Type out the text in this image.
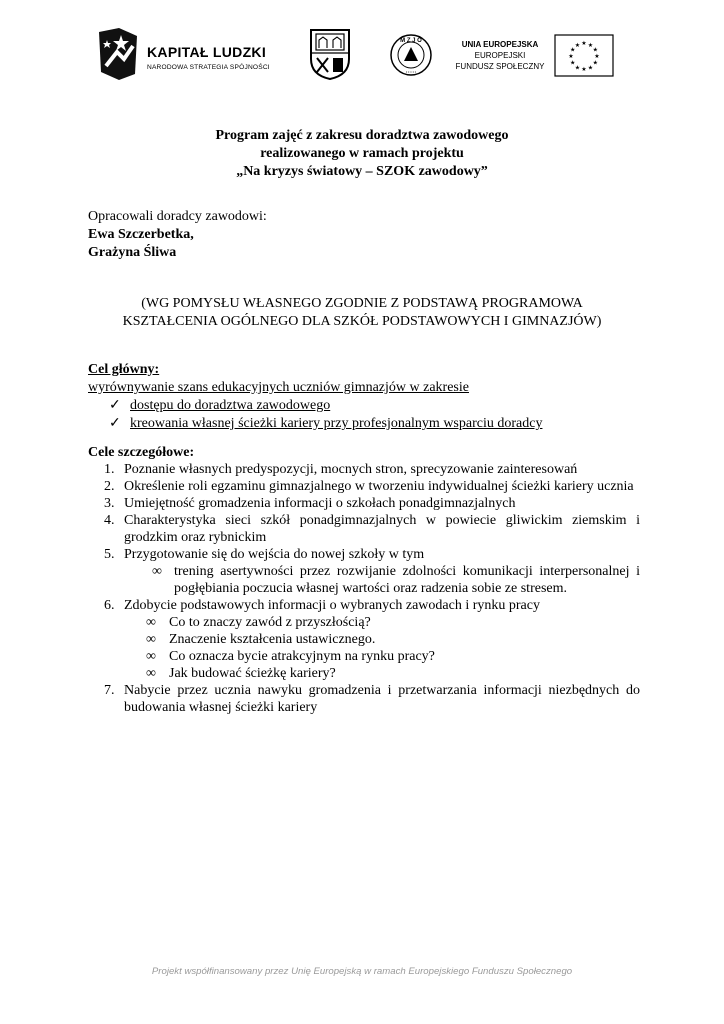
KAPITAŁ LUDZKI
NARODOWA STRATEGIA SPÓJNOŚCI
M Z J O
• • • • •
UNIA EUROPEJSKA
EUROPEJSKI
FUNDUSZ SPOŁECZNY
★ ★
★
★
★
★
★
★
★
★
★
★
Program zajęć z zakresu doradztwa zawodowego
realizowanego w ramach projektu
„Na kryzys światowy – SZOK zawodowy”
Opracowali doradcy zawodowi:
Ewa Szczerbetka,
Grażyna Śliwa
(WG POMYSŁU WŁASNEGO ZGODNIE Z PODSTAWĄ PROGRAMOWA
KSZTAŁCENIA OGÓLNEGO DLA SZKÓŁ PODSTAWOWYCH I GIMNAZJÓW)
Cel główny:
wyrównywanie szans edukacyjnych uczniów gimnazjów w zakresie
✓ dostępu do doradztwa zawodowego
✓ kreowania własnej ścieżki kariery przy profesjonalnym wsparciu doradcy
Cele szczegółowe:
1. Poznanie własnych predyspozycji, mocnych stron, sprecyzowanie zainteresowań
2. Określenie roli egzaminu gimnazjalnego w tworzeniu indywidualnej ścieżki kariery ucznia
3. Umiejętność gromadzenia informacji o szkołach ponadgimnazjalnych
4. Charakterystyka sieci szkół ponadgimnazjalnych w powiecie gliwickim ziemskim i grodzkim oraz rybnickim
5. Przygotowanie się do wejścia do nowej szkoły w tym
∞ trening asertywności przez rozwijanie zdolności komunikacji interpersonalnej i pogłębiania poczucia własnej wartości oraz radzenia sobie ze stresem.
6. Zdobycie podstawowych informacji o wybranych zawodach i rynku pracy
∞ Co to znaczy zawód z przyszłością?
∞ Znaczenie kształcenia ustawicznego.
∞ Co oznacza bycie atrakcyjnym na rynku pracy?
∞ Jak budować ścieżkę kariery?
7. Nabycie przez ucznia nawyku gromadzenia i przetwarzania informacji niezbędnych do budowania własnej ścieżki kariery
Projekt współfinansowany przez Unię Europejską w ramach Europejskiego Funduszu Społecznego
